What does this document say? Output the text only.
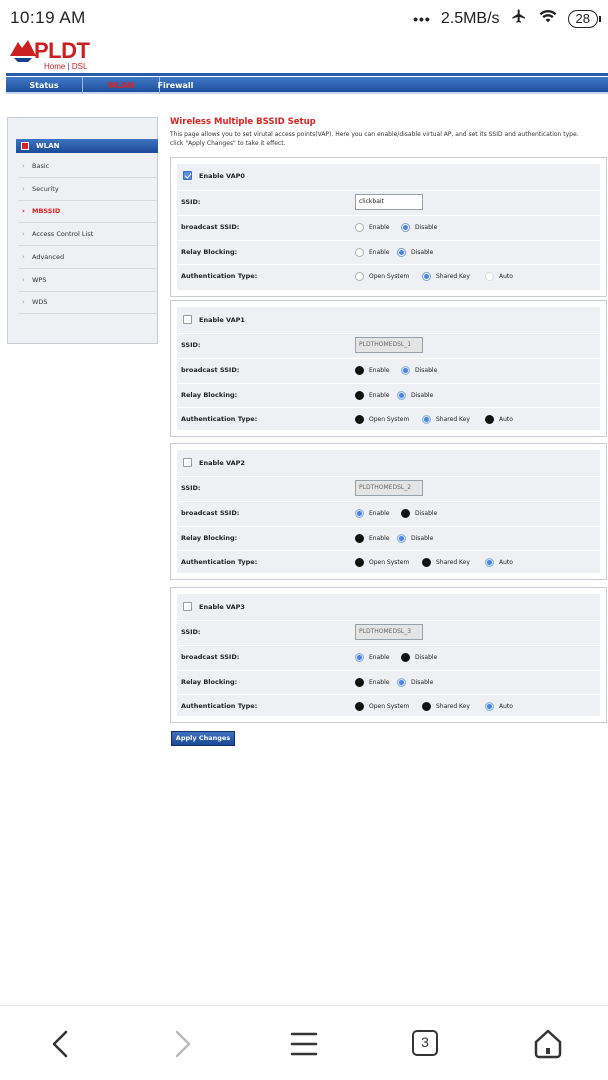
10:19 AM	••• 2.5MB/s	28
PLDT
Home | DSL
Status	WLAN	Firewall
WLAN
› Basic
› Security
› MBSSID
› Access Control List
› Advanced
› WPS
› WDS
Wireless Multiple BSSID Setup
This page allows you to set virutal access points(VAP). Here you can enable/disable virtual AP, and set its SSID and authentication type. click "Apply Changes" to take it effect.
Enable VAP0
SSID:	clickbait
broadcast SSID:	Enable	Disable
Relay Blocking:	Enable	Disable
Authentication Type:	Open System	Shared Key	Auto
Enable VAP1
SSID:	PLDTHOMEDSL_1
broadcast SSID:	Enable	Disable
Relay Blocking:	Enable	Disable
Authentication Type:	Open System	Shared Key	Auto
Enable VAP2
SSID:	PLDTHOMEDSL_2
broadcast SSID:	Enable	Disable
Relay Blocking:	Enable	Disable
Authentication Type:	Open System	Shared Key	Auto
Enable VAP3
SSID:	PLDTHOMEDSL_3
broadcast SSID:	Enable	Disable
Relay Blocking:	Enable	Disable
Authentication Type:	Open System	Shared Key	Auto
Apply Changes
3
